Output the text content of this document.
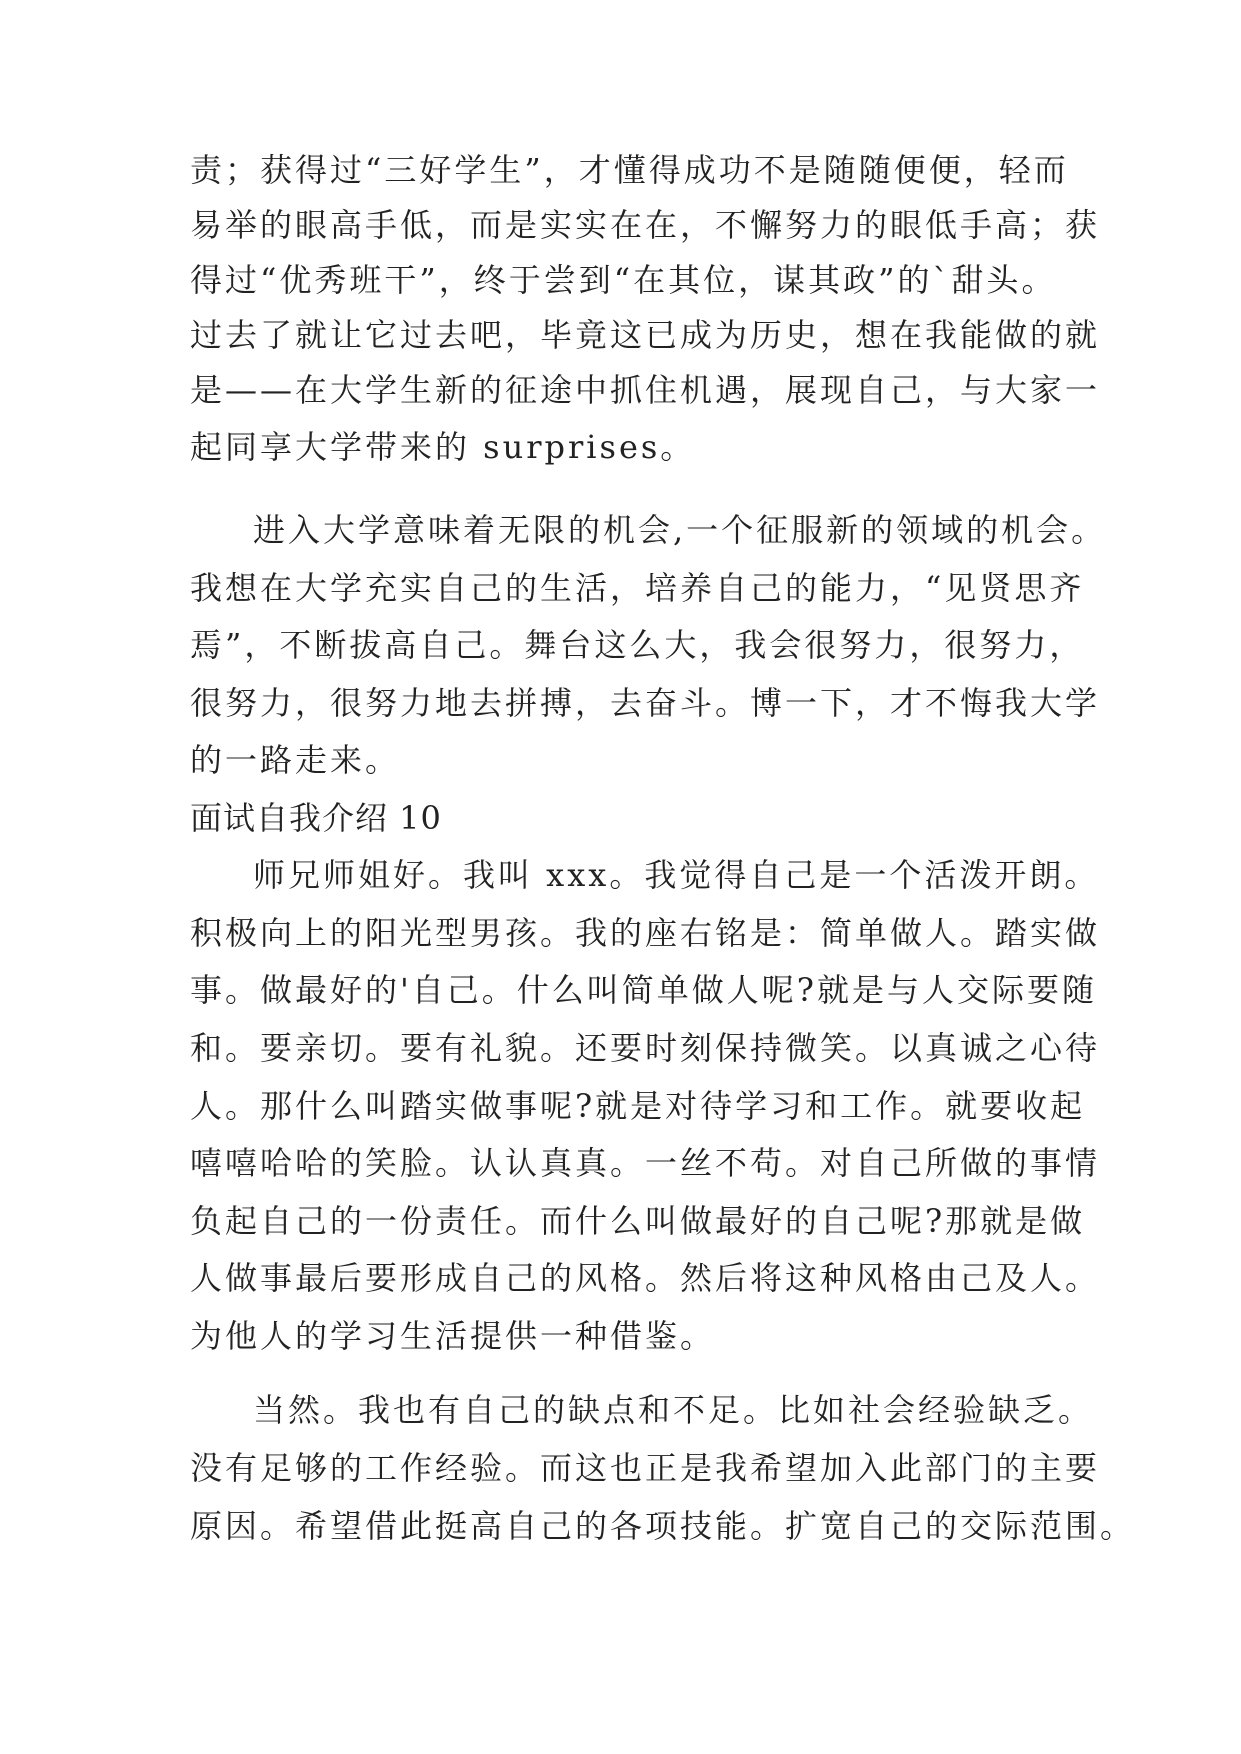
责；获得过“三好学生”，才懂得成功不是随随便便，轻而
易举的眼高手低，而是实实在在，不懈努力的眼低手高；获
得过“优秀班干”，终于尝到“在其位，谋其政”的`甜头。
过去了就让它过去吧，毕竟这已成为历史，想在我能做的就
是——在大学生新的征途中抓住机遇，展现自己，与大家一
起同享大学带来的 surprises。
进入大学意味着无限的机会,一个征服新的领域的机会。
我想在大学充实自己的生活，培养自己的能力，“见贤思齐
焉”，不断拔高自己。舞台这么大，我会很努力，很努力，
很努力，很努力地去拼搏，去奋斗。博一下，才不悔我大学
的一路走来。
面试自我介绍 10
师兄师姐好。我叫 xxx。我觉得自己是一个活泼开朗。
积极向上的阳光型男孩。我的座右铭是：简单做人。踏实做
事。做最好的'自己。什么叫简单做人呢?就是与人交际要随
和。要亲切。要有礼貌。还要时刻保持微笑。以真诚之心待
人。那什么叫踏实做事呢?就是对待学习和工作。就要收起
嘻嘻哈哈的笑脸。认认真真。一丝不苟。对自己所做的事情
负起自己的一份责任。而什么叫做最好的自己呢?那就是做
人做事最后要形成自己的风格。然后将这种风格由己及人。
为他人的学习生活提供一种借鉴。
当然。我也有自己的缺点和不足。比如社会经验缺乏。
没有足够的工作经验。而这也正是我希望加入此部门的主要
原因。希望借此挺高自己的各项技能。扩宽自己的交际范围。
